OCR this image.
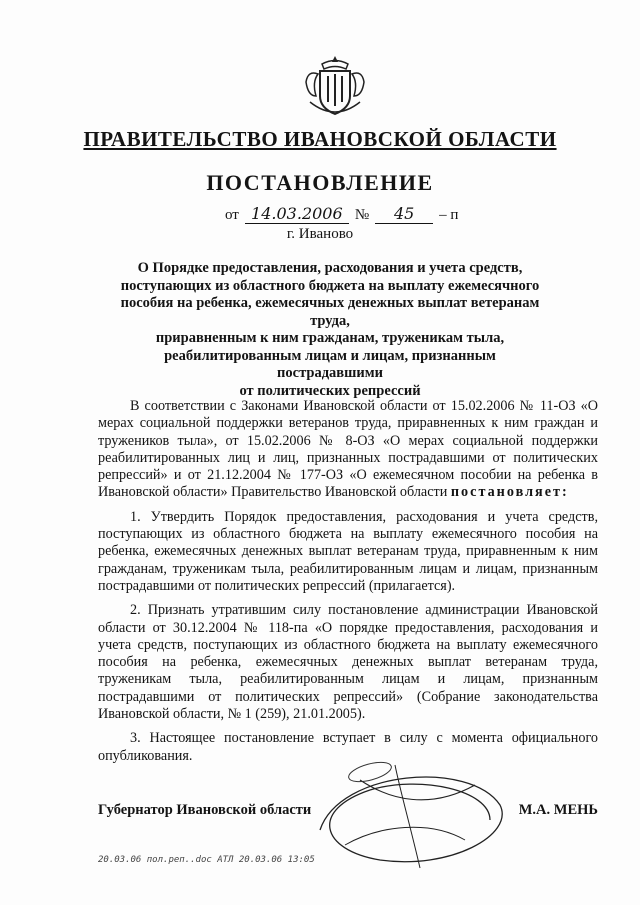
ПРАВИТЕЛЬСТВО ИВАНОВСКОЙ ОБЛАСТИ
ПОСТАНОВЛЕНИЕ
от 14.03.2006 №	45	– п
г. Иваново
О Порядке предоставления, расходования и учета средств,
поступающих из областного бюджета на выплату ежемесячного
пособия на ребенка, ежемесячных денежных выплат ветеранам труда,
приравненным к ним гражданам, труженикам тыла,
реабилитированным лицам и лицам, признанным пострадавшими
от политических репрессий

В соответствии с Законами Ивановской области от 15.02.2006 № 11-ОЗ «О мерах социальной поддержки ветеранов труда, приравненных к ним граждан и тружеников тыла», от 15.02.2006 № 8-ОЗ «О мерах социальной поддержки реабилитированных лиц и лиц, признанных пострадавшими от политических репрессий» и от 21.12.2004 № 177-ОЗ «О ежемесячном пособии на ребенка в Ивановской области» Правительство Ивановской области постановляет:

1. Утвердить Порядок предоставления, расходования и учета средств, поступающих из областного бюджета на выплату ежемесячного пособия на ребенка, ежемесячных денежных выплат ветеранам труда, приравненным к ним гражданам, труженикам тыла, реабилитированным лицам и лицам, признанным пострадавшими от политических репрессий (прилагается).

2. Признать утратившим силу постановление администрации Ивановской области от 30.12.2004 № 118-па «О порядке предоставления, расходования и учета средств, поступающих из областного бюджета на выплату ежемесячного пособия на ребенка, ежемесячных денежных выплат ветеранам труда, труженикам тыла, реабилитированным лицам и лицам, признанным пострадавшими от политических репрессий» (Собрание законодательства Ивановской области, № 1 (259), 21.01.2005).

3. Настоящее постановление вступает в силу с момента официального опубликования.

Губернатор Ивановской области	М.А. МЕНЬ
20.03.06 пол.реп..doc АТЛ 20.03.06 13:05
